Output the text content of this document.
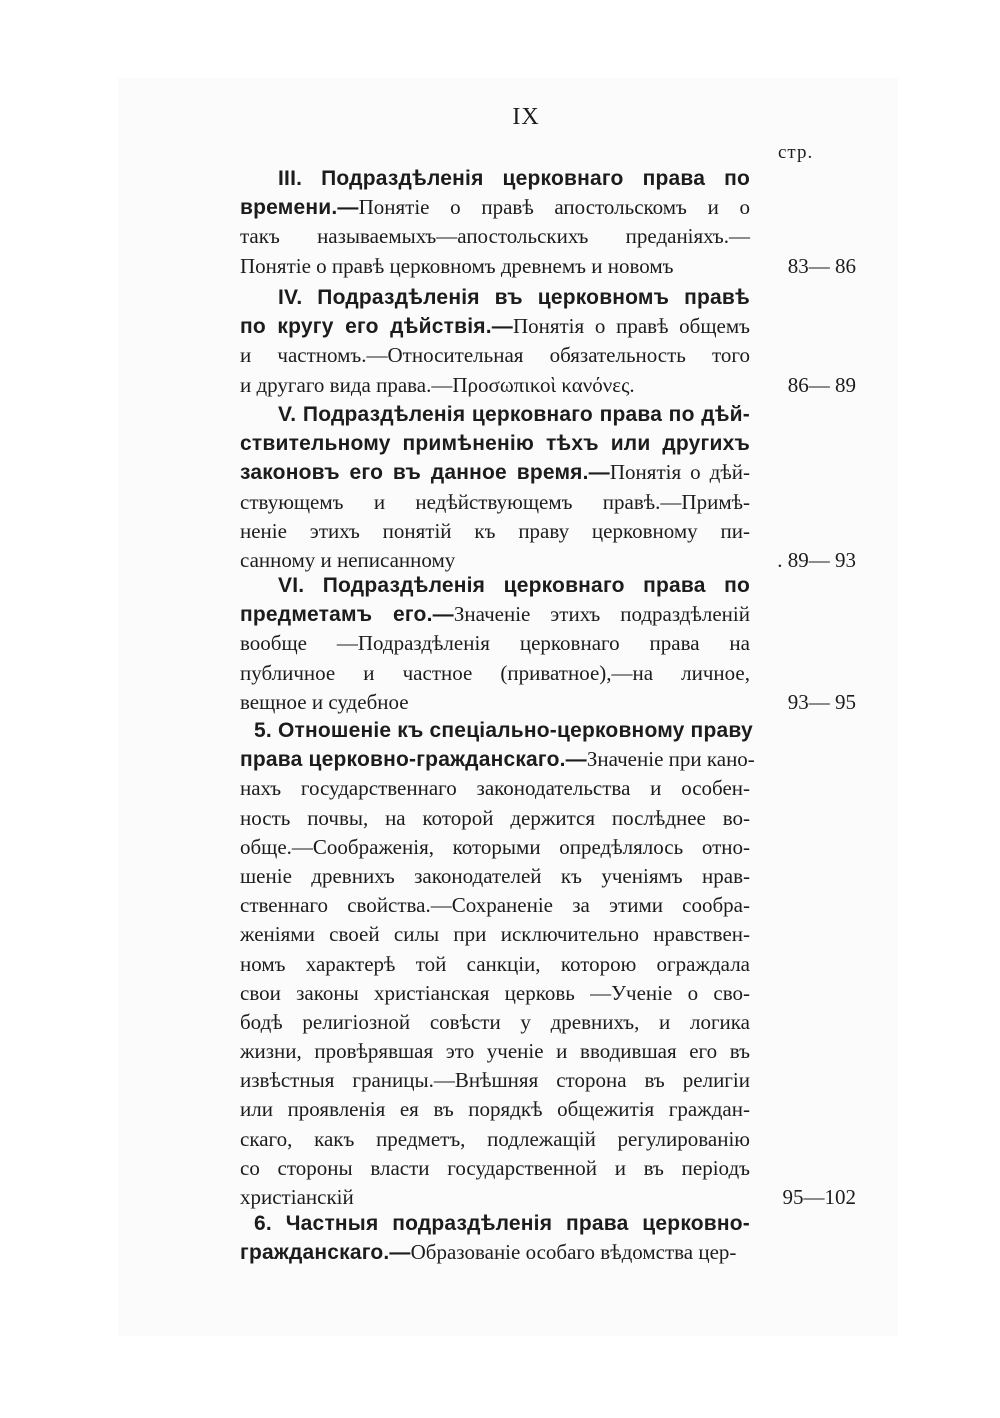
IX
стр.
III. Подраздѣленія церковнаго права по
времени.—Понятіе о правѣ апостольскомъ и о
такъ называемыхъ—апостольскихъ преданіяхъ.—
Понятіе о правѣ церковномъ древнемъ и новомъ	83— 86
IV. Подраздѣленія въ церковномъ правѣ
по кругу его дѣйствія.—Понятія о правѣ общемъ
и частномъ.—Относительная обязательность того
и другаго вида права.—Προσωπικοὶ κανόνες.	86— 89
V. Подраздѣленія церковнаго права по дѣй-
ствительному примѣненію тѣхъ или другихъ
законовъ его въ данное время.—Понятія о дѣй-
ствующемъ и недѣйствующемъ правѣ.—Примѣ-
неніе этихъ понятій къ праву церковному пи-
санному и неписанному	. 89— 93
VI. Подраздѣленія церковнаго права по
предметамъ его.—Значеніе этихъ подраздѣленій
вообще —Подраздѣленія церковнаго права на
публичное и частное (приватное),—на личное,
вещное и судебное	93— 95
5. Отношеніе къ спеціально-церковному праву
права церковно-гражданскаго.—Значеніе при кано-
нахъ государственнаго законодательства и особен-
ность почвы, на которой держится послѣднее во-
обще.—Соображенія, которыми опредѣлялось отно-
шеніе древнихъ законодателей къ ученіямъ нрав-
ственнаго свойства.—Сохраненіе за этими сообра-
женіями своей силы при исключительно нравствен-
номъ характерѣ той санкціи, которою ограждала
свои законы христіанская церковь —Ученіе о сво-
бодѣ религіозной совѣсти у древнихъ, и логика
жизни, провѣрявшая это ученіе и вводившая его въ
извѣстныя границы.—Внѣшняя сторона въ религіи
или проявленія ея въ порядкѣ общежитія граждан-
скаго, какъ предметъ, подлежащій регулированію
со стороны власти государственной и въ періодъ
христіанскій	95—102
6. Частныя подраздѣленія права церковно-
гражданскаго.—Образованіе особаго вѣдомства цер-
